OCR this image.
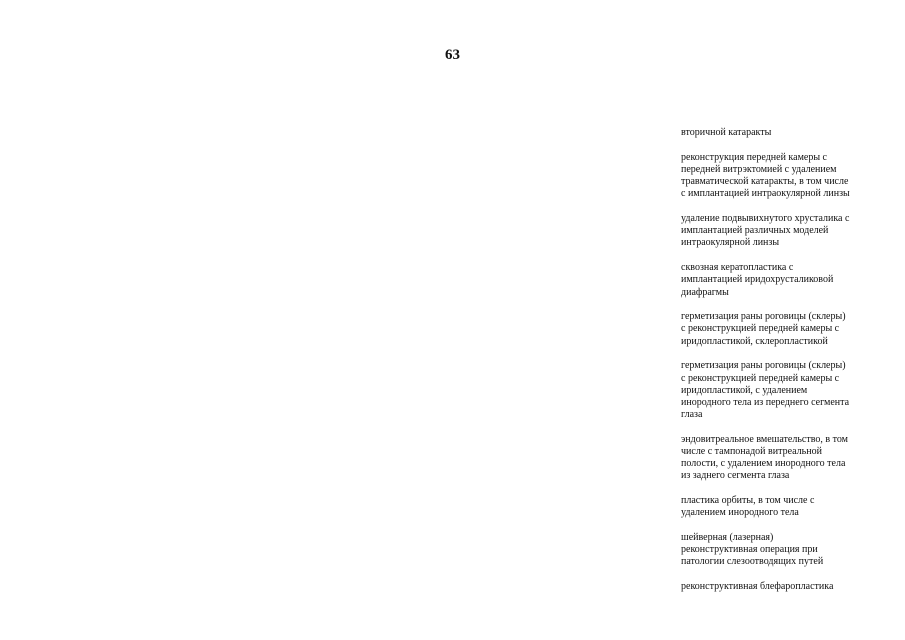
63

вторичной катаракты

реконструкция передней камеры с
передней витрэктомией с удалением
травматической катаракты, в том числе
с имплантацией интраокулярной линзы

удаление подвывихнутого хрусталика с
имплантацией различных моделей
интраокулярной линзы

сквозная кератопластика с
имплантацией иридохрусталиковой
диафрагмы

герметизация раны роговицы (склеры)
с реконструкцией передней камеры с
иридопластикой, склеропластикой

герметизация раны роговицы (склеры)
с реконструкцией передней камеры с
иридопластикой, с удалением
инородного тела из переднего сегмента
глаза

эндовитреальное вмешательство, в том
числе с тампонадой витреальной
полости, с удалением инородного тела
из заднего сегмента глаза

пластика орбиты, в том числе с
удалением инородного тела

шейверная (лазерная)
реконструктивная операция при
патологии слезоотводящих путей

реконструктивная блефаропластика
